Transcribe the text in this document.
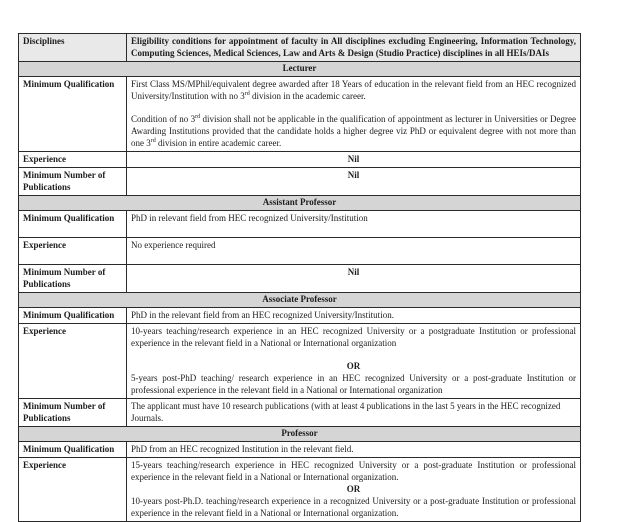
Disciplines	Eligibility conditions for appointment of faculty in All disciplines excluding Engineering, Information Technology, Computing Sciences, Medical Sciences, Law and Arts & Design (Studio Practice) disciplines in all HEIs/DAIs
Lecturer	
Minimum Qualification	First Class MS/MPhil/equivalent degree awarded after 18 Years of education in the relevant field from an HEC recognized University/Institution with no 3rd division in the academic career.
Condition of no 3rd division shall not be applicable in the qualification of appointment as lecturer in Universities or Degree Awarding Institutions provided that the candidate holds a higher degree viz PhD or equivalent degree with not more than one 3rd division in entire academic career.

Experience	Nil

Minimum Number of Publications	Nil

Assistant Professor	
Minimum Qualification	PhD in relevant field from HEC recognized University/Institution

Experience	No experience required

Minimum Number of Publications	Nil

Associate Professor	
Minimum Qualification	PhD in the relevant field from an HEC recognized University/Institution.

Experience	10-years teaching/research experience in an HEC recognized University or a postgraduate Institution or professional experience in the relevant field in a National or International organization
OR
5-years post-PhD teaching/ research experience in an HEC recognized University or a post-graduate Institution or professional experience in the relevant field in a National or International organization

Minimum Number of Publications	The applicant must have 10 research publications (with at least 4 publications in the last 5 years in the HEC recognized Journals.

Professor	
Minimum Qualification	PhD from an HEC recognized Institution in the relevant field.

Experience	15-years teaching/research experience in HEC recognized University or a post-graduate Institution or professional experience in the relevant field in a National or International organization.
OR
10-years post-Ph.D. teaching/research experience in a recognized University or a post-graduate Institution or professional experience in the relevant field in a National or International organization.
